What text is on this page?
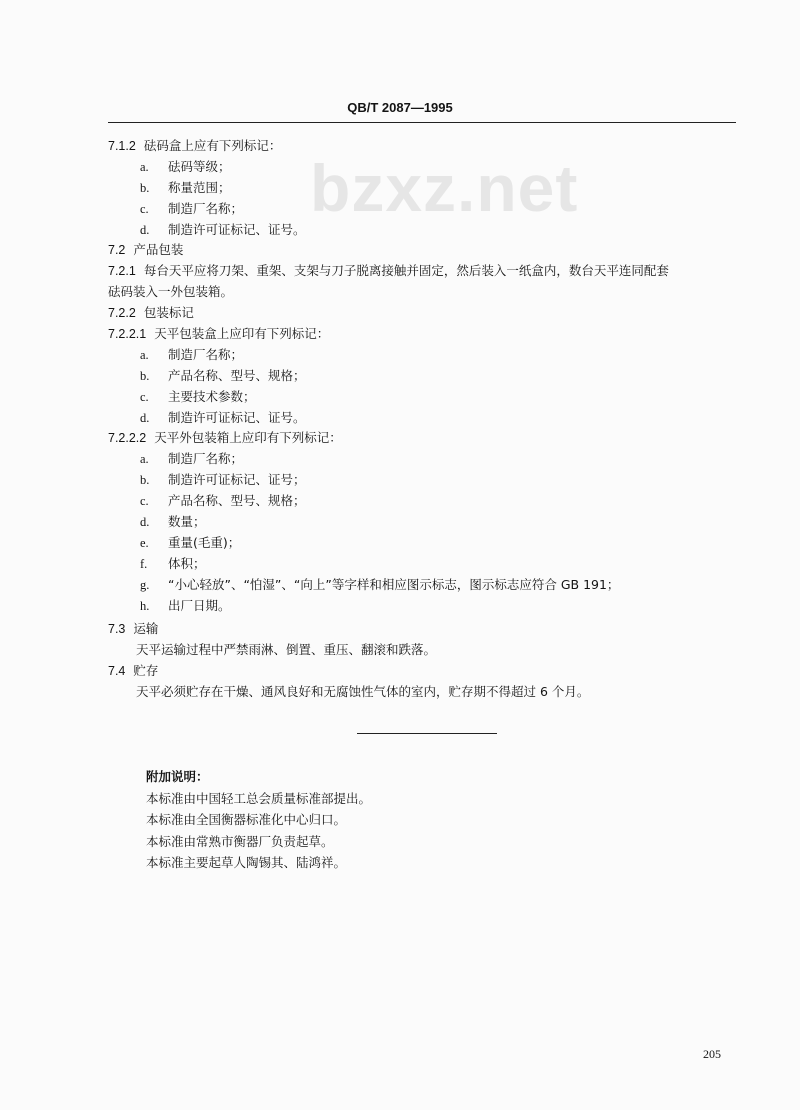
bzxz.net
QB/T 2087—1995
7.1.2 砝码盒上应有下列标记：
a. 砝码等级；
b. 称量范围；
c. 制造厂名称；
d. 制造许可证标记、证号。
7.2 产品包装
7.2.1 每台天平应将刀架、重架、支架与刀子脱离接触并固定，然后装入一纸盒内，数台天平连同配套
砝码装入一外包装箱。
7.2.2 包装标记
7.2.2.1 天平包装盒上应印有下列标记：
a. 制造厂名称；
b. 产品名称、型号、规格；
c. 主要技术参数；
d. 制造许可证标记、证号。
7.2.2.2 天平外包装箱上应印有下列标记：
a. 制造厂名称；
b. 制造许可证标记、证号；
c. 产品名称、型号、规格；
d. 数量；
e. 重量(毛重)；
f. 体积；
g. “小心轻放”、“怕湿”、“向上”等字样和相应图示标志，图示标志应符合 GB 191；
h. 出厂日期。
7.3 运输
天平运输过程中严禁雨淋、倒置、重压、翻滚和跌落。
7.4 贮存
天平必须贮存在干燥、通风良好和无腐蚀性气体的室内，贮存期不得超过 6 个月。
附加说明：
本标准由中国轻工总会质量标准部提出。
本标准由全国衡器标准化中心归口。
本标准由常熟市衡器厂负责起草。
本标准主要起草人陶锡其、陆鸿祥。
205
